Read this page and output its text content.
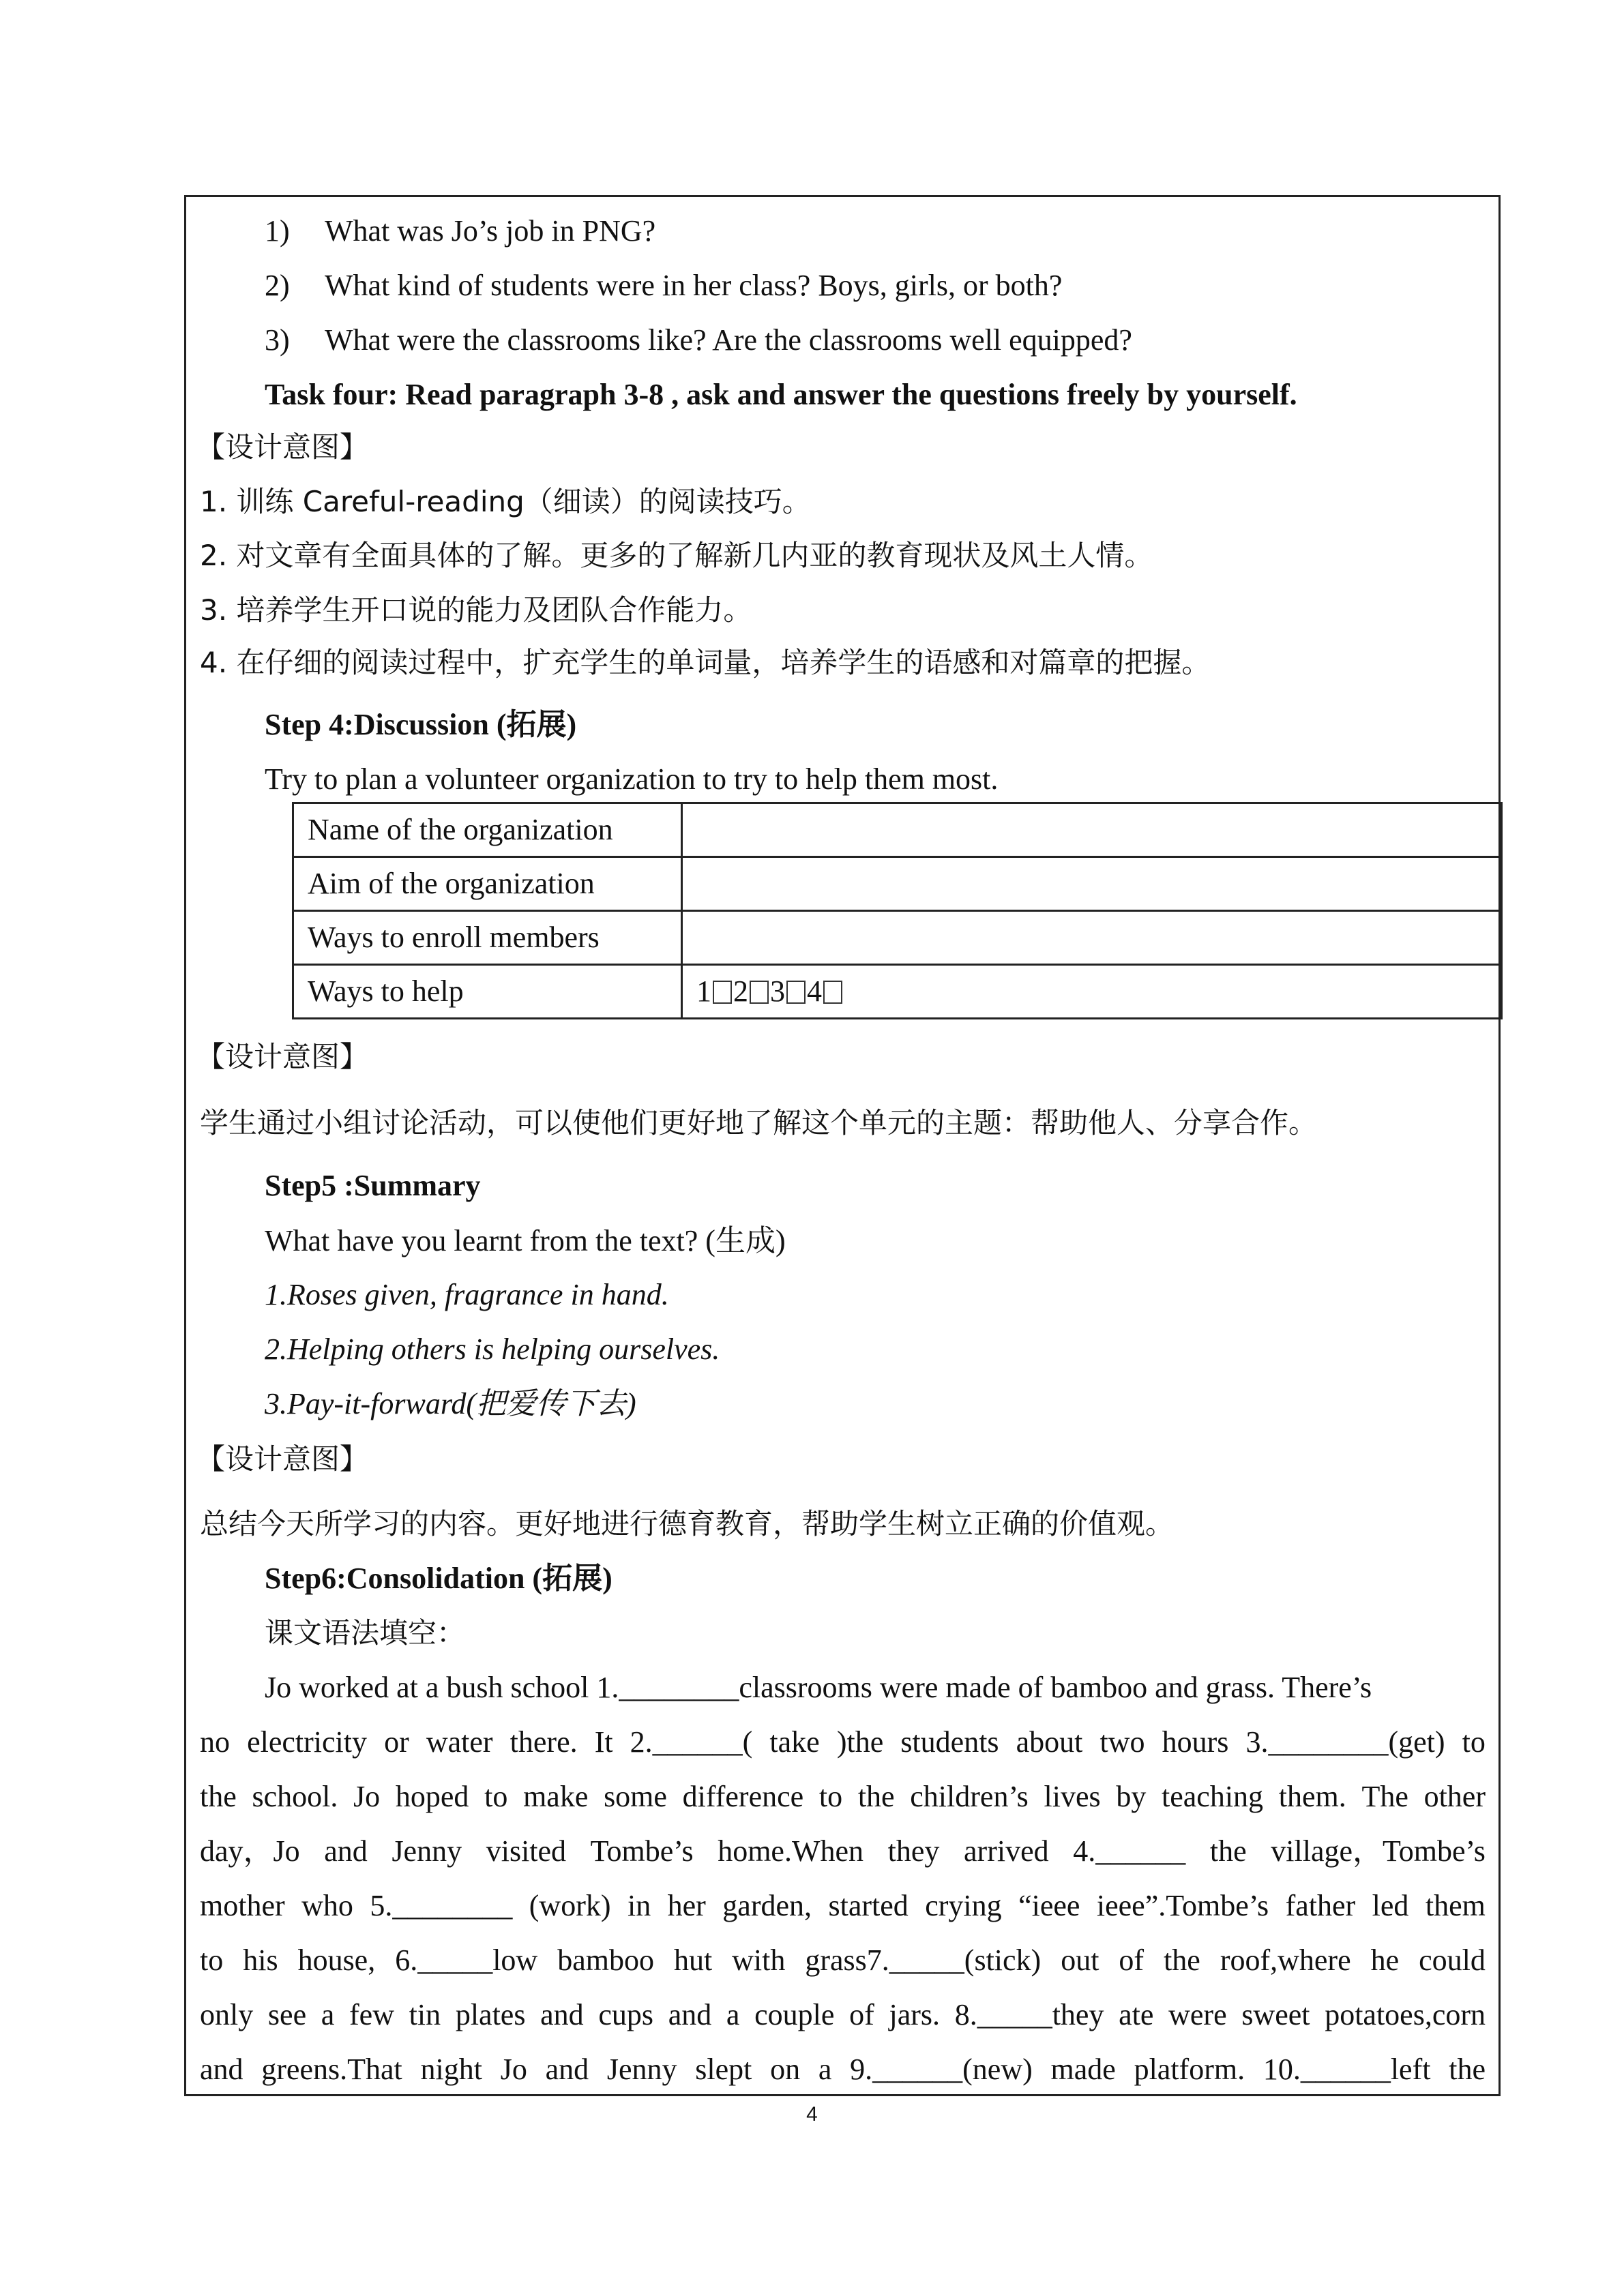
1) What was Jo’s job in PNG?
2) What kind of students were in her class? Boys, girls, or both?
3) What were the classrooms like? Are the classrooms well equipped?
Task four: Read paragraph 3-8 , ask and answer the questions freely by yourself.
【设计意图】
1. 训练 Careful-reading（细读）的阅读技巧。
2. 对文章有全面具体的了解。更多的了解新几内亚的教育现状及风土人情。
3. 培养学生开口说的能力及团队合作能力。
4. 在仔细的阅读过程中，扩充学生的单词量，培养学生的语感和对篇章的把握。
Step 4:Discussion (拓展)
Try to plan a volunteer organization to try to help them most.
Name of the organization	
Aim of the organization	
Ways to enroll members	
Ways to help	1 2 3 4
【设计意图】
学生通过小组讨论活动，可以使他们更好地了解这个单元的主题：帮助他人、分享合作。
Step5 :Summary
What have you learnt from the text? (生成)
1.Roses given, fragrance in hand.
2.Helping others is helping ourselves.
3.Pay-it-forward(把爱传下去)
【设计意图】
总结今天所学习的内容。更好地进行德育教育，帮助学生树立正确的价值观。
Step6:Consolidation (拓展)
课文语法填空：
Jo worked at a bush school 1.________classrooms were made of bamboo and grass. There’s
no electricity or water there. It 2.______( take )the students about two hours 3.________(get) to
the school. Jo hoped to make some difference to the children’s lives by teaching them. The other
day，Jo and Jenny visited Tombe’s home.When they arrived 4.______ the village，Tombe’s
mother who 5.________ (work) in her garden, started crying “ieee ieee”.Tombe’s father led them
to his house, 6._____low bamboo hut with grass7._____(stick) out of the roof,where he could
only see a few tin plates and cups and a couple of jars. 8._____they ate were sweet potatoes,corn
and greens.That night Jo and Jenny slept on a 9.______(new) made platform. 10.______left the
4
